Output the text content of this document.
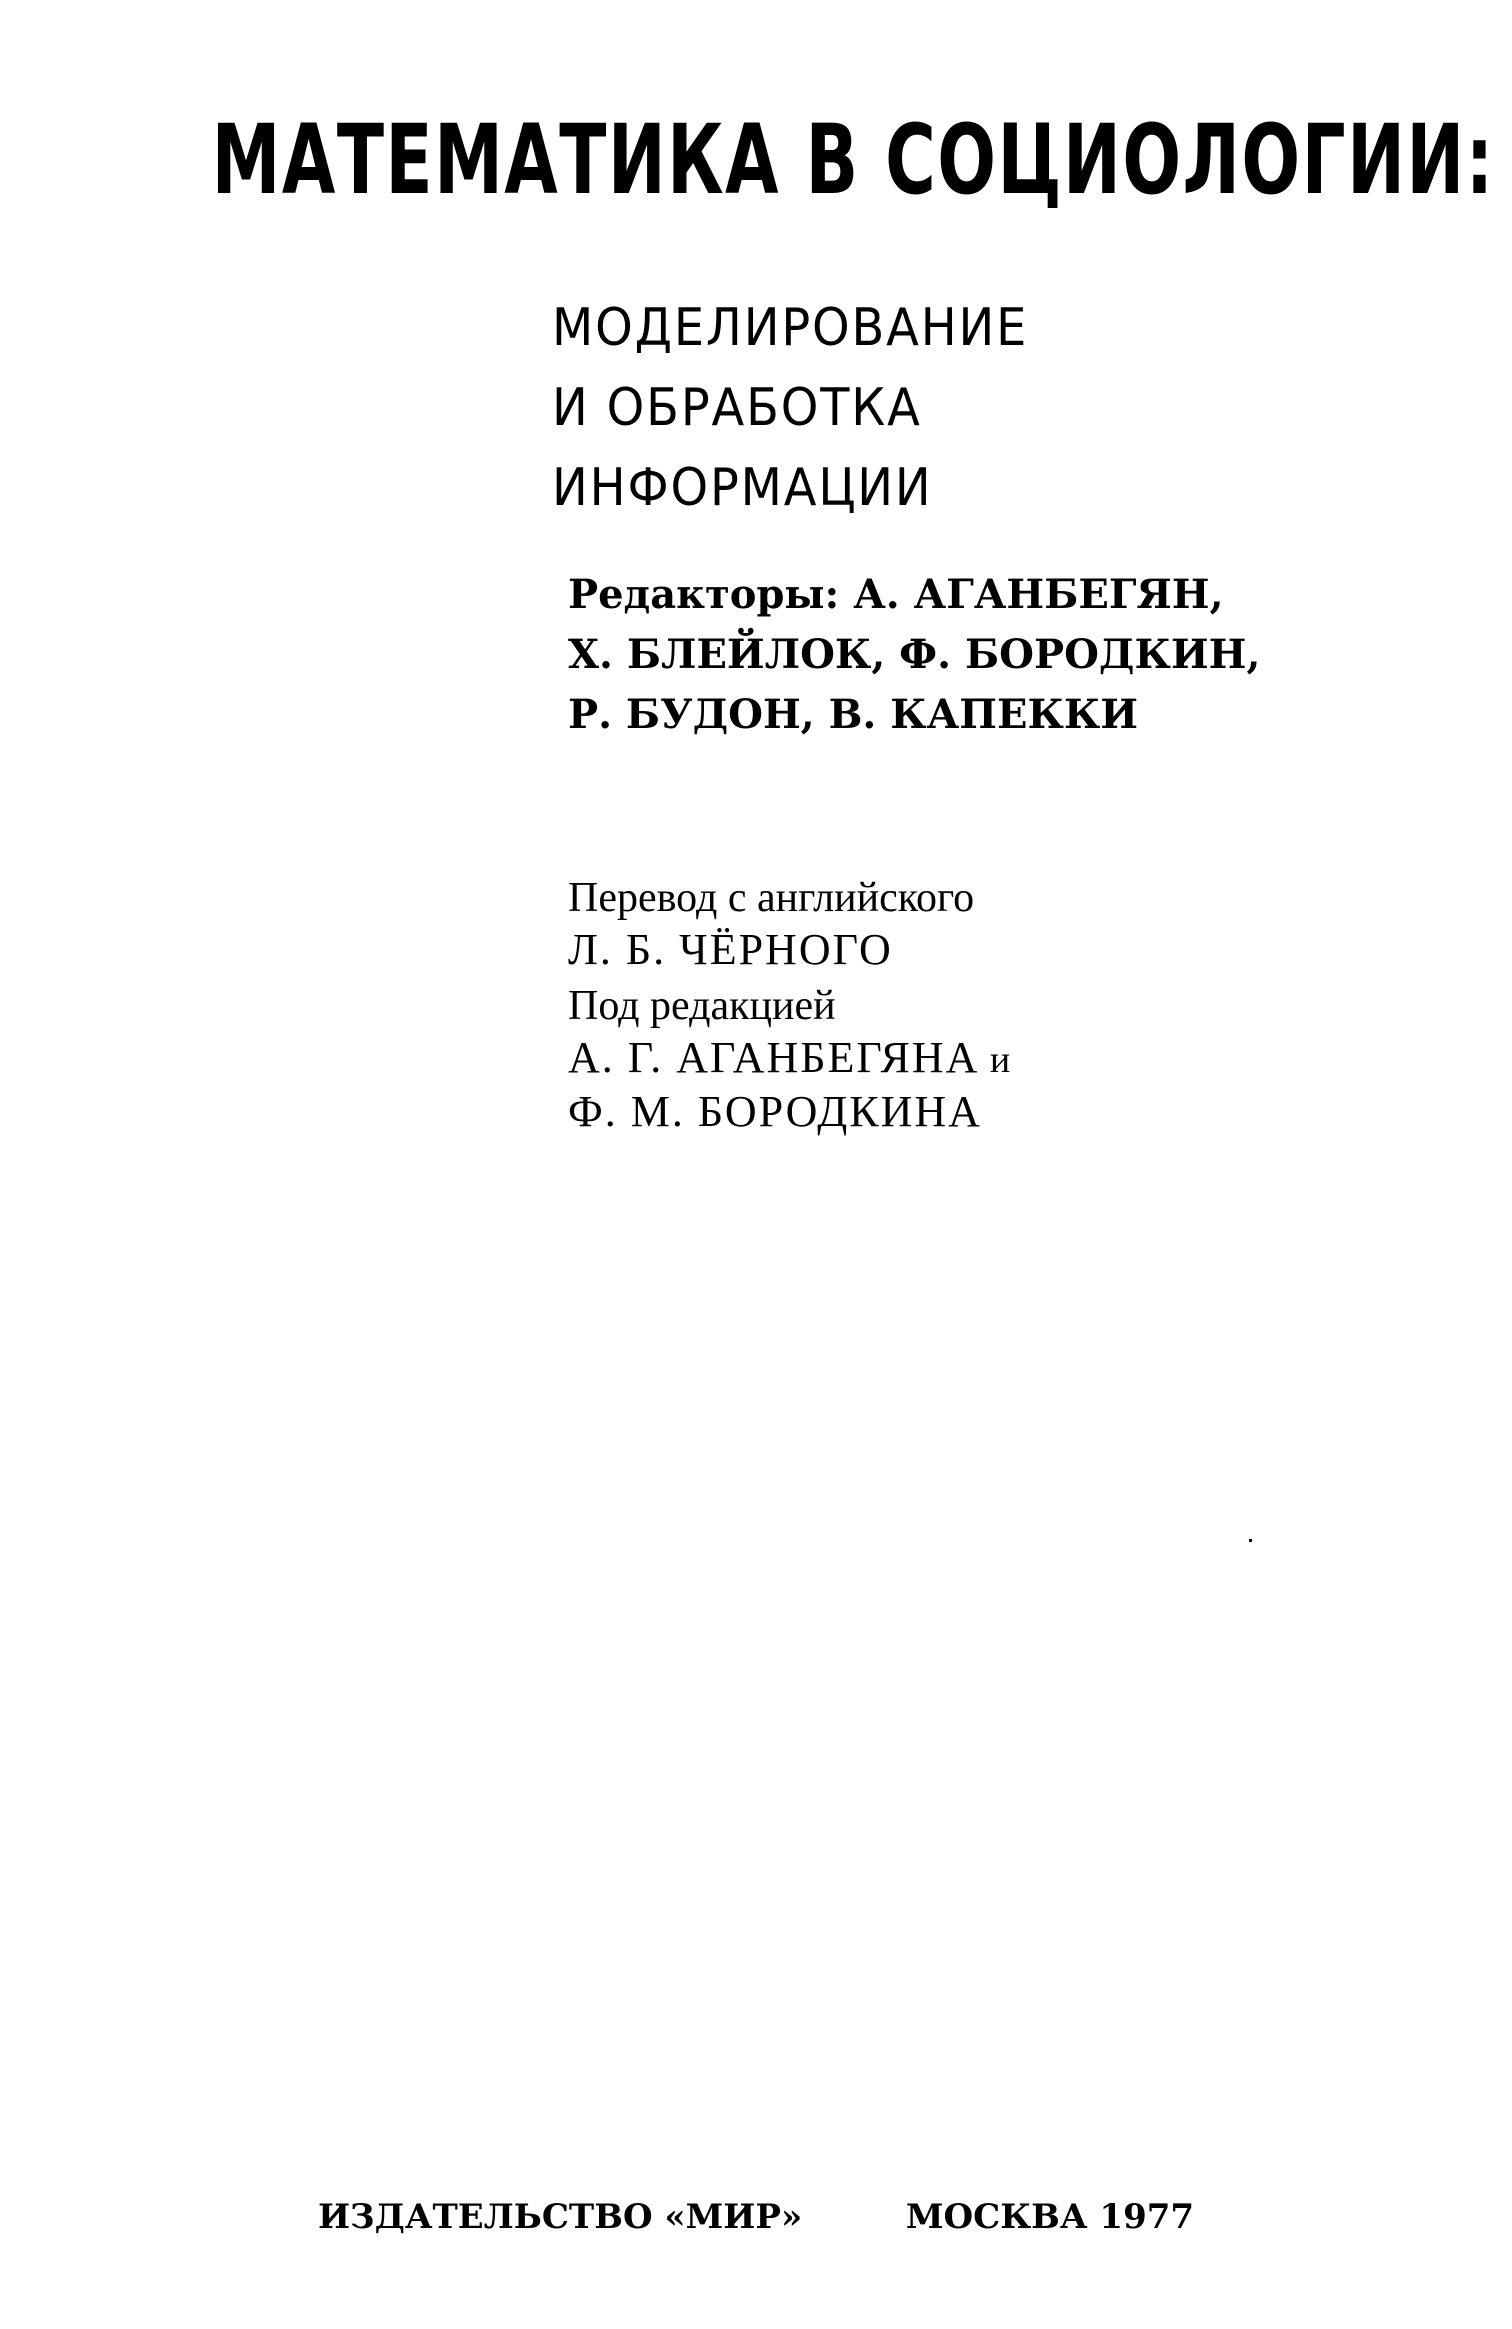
МАТЕМАТИКА В СОЦИОЛОГИИ:
МОДЕЛИРОВАНИЕ
И ОБРАБОТКА
ИНФОРМАЦИИ
Редакторы: А. АГАНБЕГЯН,
Х. БЛЕЙЛОК, Ф. БОРОДКИН,
Р. БУДОН, В. КАПЕККИ
Перевод с английского
Л. Б. ЧЁРНОГО
Под редакцией
А. Г. АГАНБЕГЯНА и
Ф. М. БОРОДКИНА
ИЗДАТЕЛЬСТВО «МИР»	МОСКВА 1977
